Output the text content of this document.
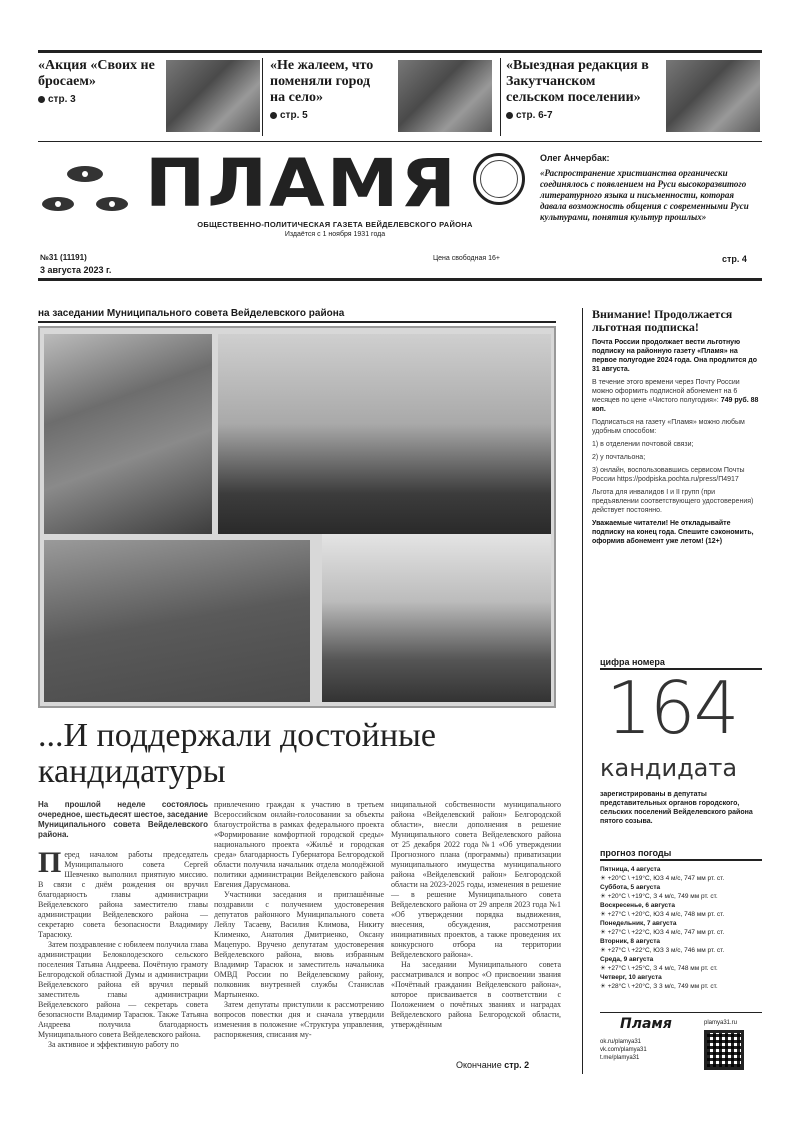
«Акция «Своих не бросаем»
стр. 3
«Не жалеем, что поменяли город на село»
стр. 5
«Выездная редакция в Закутчанском сельском поселении»
стр. 6-7
ПЛАМЯ
ОБЩЕСТВЕННО-ПОЛИТИЧЕСКАЯ ГАЗЕТА ВЕЙДЕЛЕВСКОГО РАЙОНА
Издаётся с 1 ноября 1931 года
№31 (11191)
3 августа 2023 г.
Цена свободная 16+
Олег Анчербак:
«Распространение христианства органически соединялось с появлением на Руси высокоразвитого литературного языка и письменности, которая давала возможность общения с современными Руси культурами, понятия культур прошлых»
стр. 4
на заседании Муниципального совета Вейделевского района
...И поддержали достойные кандидатуры
На прошлой неделе состоялось очередное, шестьдесят шестое, заседание Муниципального совета Вейделевского района.

Перед началом работы председатель Муниципального совета Сергей Шевченко выполнил приятную миссию. В связи с днём рождения он вручил благодарность главы администрации Вейделевского района заместителю главы администрации Вейделевского района — секретарю совета безопасности Владимиру Тарасюку.

Затем поздравление с юбилеем получила глава администрации Белоколодезского сельского поселения Татьяна Андреева. Почётную грамоту Белгородской областной Думы и администрации Вейделевского района ей вручил первый заместитель главы администрации Вейделевского района — секретарь совета безопасности Владимир Тарасюк. Также Татьяна Андреева получила благодарность Муниципального совета Вейделевского района.

За активное и эффективную работу по

привлечению граждан к участию в третьем Всероссийском онлайн-голосовании за объекты благоустройства в рамках федерального проекта «Формирование комфортной городской среды» национального проекта «Жильё и городская среда» благодарность Губернатора Белгородской области получила начальник отдела молодёжной политики администрации Вейделевского района Евгения Дарусманова.

Участники заседания и приглашённые поздравили с получением удостоверения депутатов районного Муниципального совета Лейлу Тасаеву, Василия Климова, Никиту Клименко, Анатолия Дмитриенко, Оксану Мацепуро. Вручено депутатам удостоверения Вейделевского района, вновь избранным Владимир Тарасюк и заместитель начальника ОМВД России по Вейделевскому району, полковник внутренней службы Станислав Мартыненко.

Затем депутаты приступили к рассмотрению вопросов повестки дня и сначала утвердили изменения в положение «Структура управления, распоряжения, списания му-

ниципальной собственности муниципального района «Вейделевский район» Белгородской области», внесли дополнения в решение Муниципального совета Вейделевского района от 25 декабря 2022 года №1 «Об утверждении Прогнозного плана (программы) приватизации муниципального имущества муниципального района «Вейделевский район» Белгородской области на 2023-2025 годы, изменения в решение — в решение Муниципального совета Вейделевского района от 29 апреля 2023 года №1 «Об утверждении порядка выдвижения, внесения, обсуждения, рассмотрения инициативных проектов, а также проведения их конкурсного отбора на территории Вейделевского района».

На заседании Муниципального совета рассматривался и вопрос «О присвоении звания «Почётный гражданин Вейделевского района», которое присваивается в соответствии с Положением о почётных званиях и наградах Вейделевского района Белгородской области, утверждённым

Окончание стр. 2
Внимание! Продолжается льготная подписка!
Почта России продолжает вести льготную подписку на районную газету «Пламя» на первое полугодие 2024 года. Она продлится до 31 августа.
В течение этого времени через Почту России можно оформить подписной абонемент на 6 месяцев по цене «Чистого полугодия»: 749 руб. 88 коп.
Подписаться на газету «Пламя» можно любым удобным способом:
1) в отделении почтовой связи;
2) у почтальона;
3) онлайн, воспользовавшись сервисом Почты России https://podpiska.pochta.ru/press/П4917
Льгота для инвалидов I и II групп (при предъявлении соответствующего удостоверения) действует постоянно.
Уважаемые читатели! Не откладывайте подписку на конец года. Спешите сэкономить, оформив абонемент уже летом! (12+)
цифра номера
164
кандидата
зарегистрированы в депутаты представительных органов городского, сельских поселений Вейделевского района пятого созыва.
прогноз погоды
Пятница, 4 августа
☀ +20°С \ +19°С, ЮЗ 4 м/с, 747 мм рт. ст.
Суббота, 5 августа
☀ +20°С \ +19°С, З 4 м/с, 749 мм рт. ст.
Воскресенье, 6 августа
☀ +27°С \ +20°С, ЮЗ 4 м/с, 748 мм рт. ст.
Понедельник, 7 августа
☀ +27°С \ +22°С, ЮЗ 4 м/с, 747 мм рт. ст.
Вторник, 8 августа
☀ +27°С \ +22°С, ЮЗ 3 м/с, 746 мм рт. ст.
Среда, 9 августа
☀ +27°С \ +25°С, З 4 м/с, 748 мм рт. ст.
Четверг, 10 августа
☀ +28°С \ +20°С, З 3 м/с, 749 мм рт. ст.
Пламя	plamya31.ru
ok.ru/plamya31
vk.com/plamya31
t.me/plamya31
